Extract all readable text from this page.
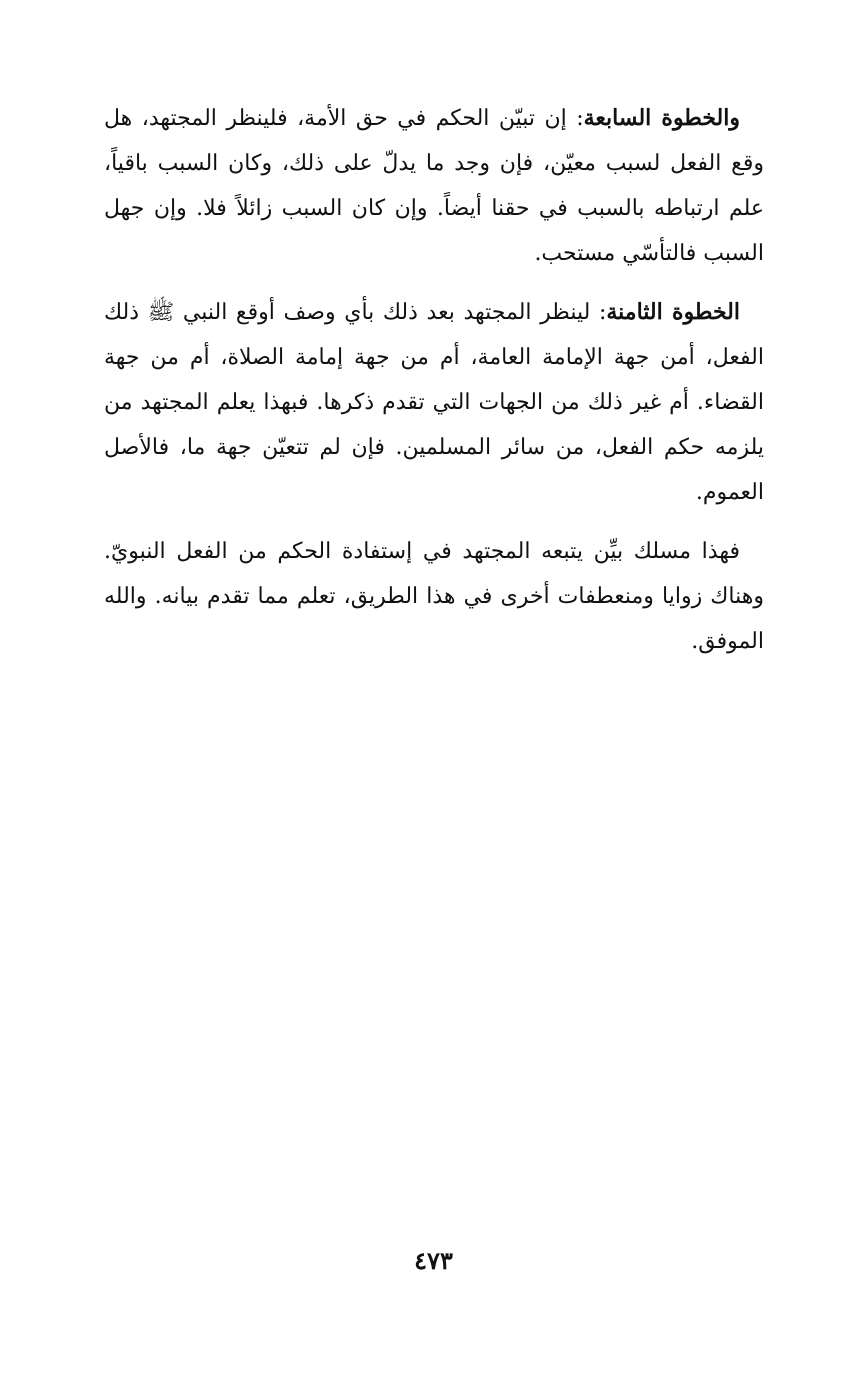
والخطوة السابعة: إن تبيّن الحكم في حق الأمة، فلينظر المجتهد، هل وقع الفعل لسبب معيّن، فإن وجد ما يدلّ على ذلك، وكان السبب باقياً، علم ارتباطه بالسبب في حقنا أيضاً. وإن كان السبب زائلاً فلا. وإن جهل السبب فالتأسّي مستحب.

الخطوة الثامنة: لينظر المجتهد بعد ذلك بأي وصف أوقع النبي ﷺ ذلك الفعل، أمن جهة الإمامة العامة، أم من جهة إمامة الصلاة، أم من جهة القضاء. أم غير ذلك من الجهات التي تقدم ذكرها. فبهذا يعلم المجتهد من يلزمه حكم الفعل، من سائر المسلمين. فإن لم تتعيّن جهة ما، فالأصل العموم.

فهذا مسلك بيِّن يتبعه المجتهد في إستفادة الحكم من الفعل النبويّ. وهناك زوايا ومنعطفات أخرى في هذا الطريق، تعلم مما تقدم بيانه. والله الموفق.

٤٧٣
